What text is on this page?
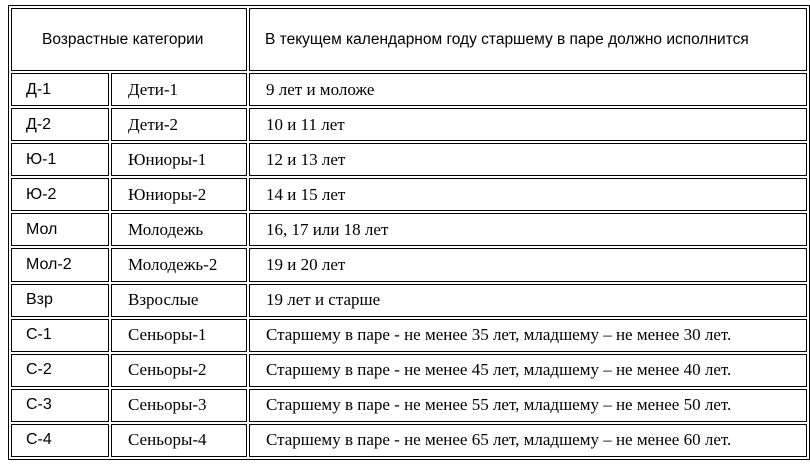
Возрастные категории		В текущем календарном году старшему в паре должно исполнится
Д-1	Дети-1	9 лет и моложе
Д-2	Дети-2	10 и 11 лет
Ю-1	Юниоры-1	12 и 13 лет
Ю-2	Юниоры-2	14 и 15 лет
Мол	Молодежь	16, 17 или 18 лет
Мол-2	Молодежь-2	19 и 20 лет
Взр	Взрослые	19 лет и старше
С-1	Сеньоры-1	Старшему в паре - не менее 35 лет, младшему – не менее 30 лет.
С-2	Сеньоры-2	Старшему в паре - не менее 45 лет, младшему – не менее 40 лет.
С-3	Сеньоры-3	Старшему в паре - не менее 55 лет, младшему – не менее 50 лет.
С-4	Сеньоры-4	Старшему в паре - не менее 65 лет, младшему – не менее 60 лет.
